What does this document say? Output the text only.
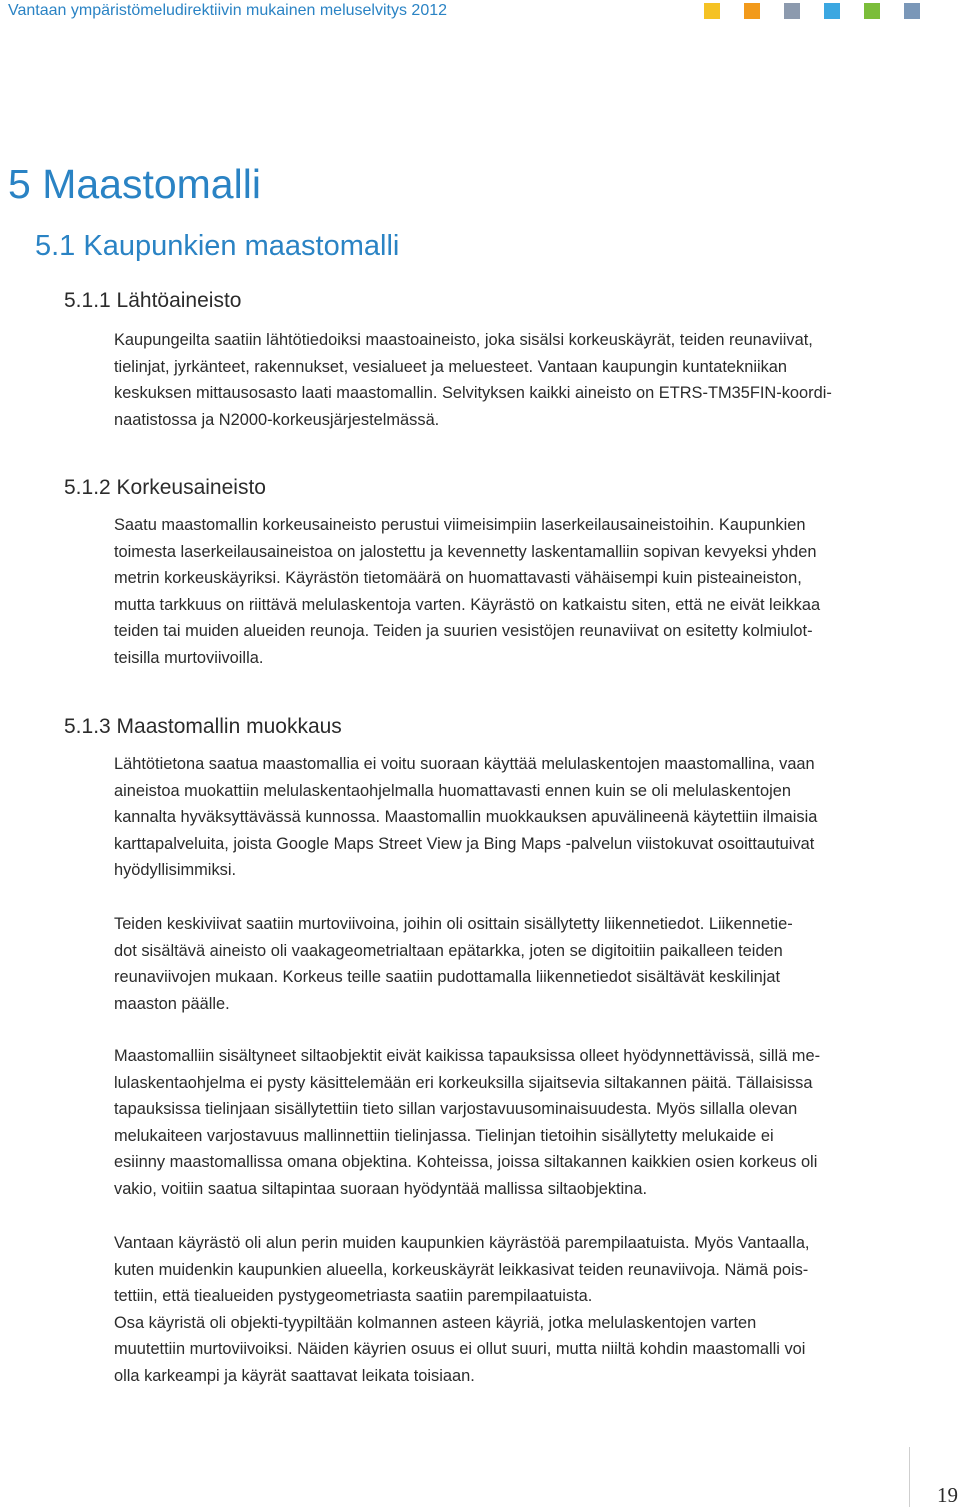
Vantaan ympäristömeludirektiivin mukainen meluselvitys 2012
5 Maastomalli
5.1 Kaupunkien maastomalli
5.1.1 Lähtöaineisto
Kaupungeilta saatiin lähtötiedoiksi maastoaineisto, joka sisälsi korkeuskäyrät, teiden reunaviivat,
tielinjat, jyrkänteet, rakennukset, vesialueet ja meluesteet. Vantaan kaupungin kuntatekniikan
keskuksen mittausosasto laati maastomallin. Selvityksen kaikki aineisto on ETRS-TM35FIN-koordi-
naatistossa ja N2000-korkeusjärjestelmässä.
5.1.2 Korkeusaineisto
Saatu maastomallin korkeusaineisto perustui viimeisimpiin laserkeilausaineistoihin. Kaupunkien
toimesta laserkeilausaineistoa on jalostettu ja kevennetty laskentamalliin sopivan kevyeksi yhden
metrin korkeuskäyriksi. Käyrästön tietomäärä on huomattavasti vähäisempi kuin pisteaineiston,
mutta tarkkuus on riittävä melulaskentoja varten. Käyrästö on katkaistu siten, että ne eivät leikkaa
teiden tai muiden alueiden reunoja. Teiden ja suurien vesistöjen reunaviivat on esitetty kolmiulot-
teisilla murtoviivoilla.
5.1.3 Maastomallin muokkaus
Lähtötietona saatua maastomallia ei voitu suoraan käyttää melulaskentojen maastomallina, vaan
aineistoa muokattiin melulaskentaohjelmalla huomattavasti ennen kuin se oli melulaskentojen
kannalta hyväksyttävässä kunnossa. Maastomallin muokkauksen apuvälineenä käytettiin ilmaisia
karttapalveluita, joista Google Maps Street View ja Bing Maps -palvelun viistokuvat osoittautuivat
hyödyllisimmiksi.
Teiden keskiviivat saatiin murtoviivoina, joihin oli osittain sisällytetty liikennetiedot. Liikennetie-
dot sisältävä aineisto oli vaakageometrialtaan epätarkka, joten se digitoitiin paikalleen teiden
reunaviivojen mukaan. Korkeus teille saatiin pudottamalla liikennetiedot sisältävät keskilinjat
maaston päälle.
Maastomalliin sisältyneet siltaobjektit eivät kaikissa tapauksissa olleet hyödynnettävissä, sillä me-
lulaskentaohjelma ei pysty käsittelemään eri korkeuksilla sijaitsevia siltakannen päitä. Tällaisissa
tapauksissa tielinjaan sisällytettiin tieto sillan varjostavuusominaisuudesta. Myös sillalla olevan
melukaiteen varjostavuus mallinnettiin tielinjassa. Tielinjan tietoihin sisällytetty melukaide ei
esiinny maastomallissa omana objektina. Kohteissa, joissa siltakannen kaikkien osien korkeus oli
vakio, voitiin saatua siltapintaa suoraan hyödyntää mallissa siltaobjektina.
Vantaan käyrästö oli alun perin muiden kaupunkien käyrästöä parempilaatuista. Myös Vantaalla,
kuten muidenkin kaupunkien alueella, korkeuskäyrät leikkasivat teiden reunaviivoja. Nämä pois-
tettiin, että tiealueiden pystygeometriasta saatiin parempilaatuista.
Osa käyristä oli objekti-tyypiltään kolmannen asteen käyriä, jotka melulaskentojen varten
muutettiin murtoviivoiksi. Näiden käyrien osuus ei ollut suuri, mutta niiltä kohdin maastomalli voi
olla karkeampi ja käyrät saattavat leikata toisiaan.
19
